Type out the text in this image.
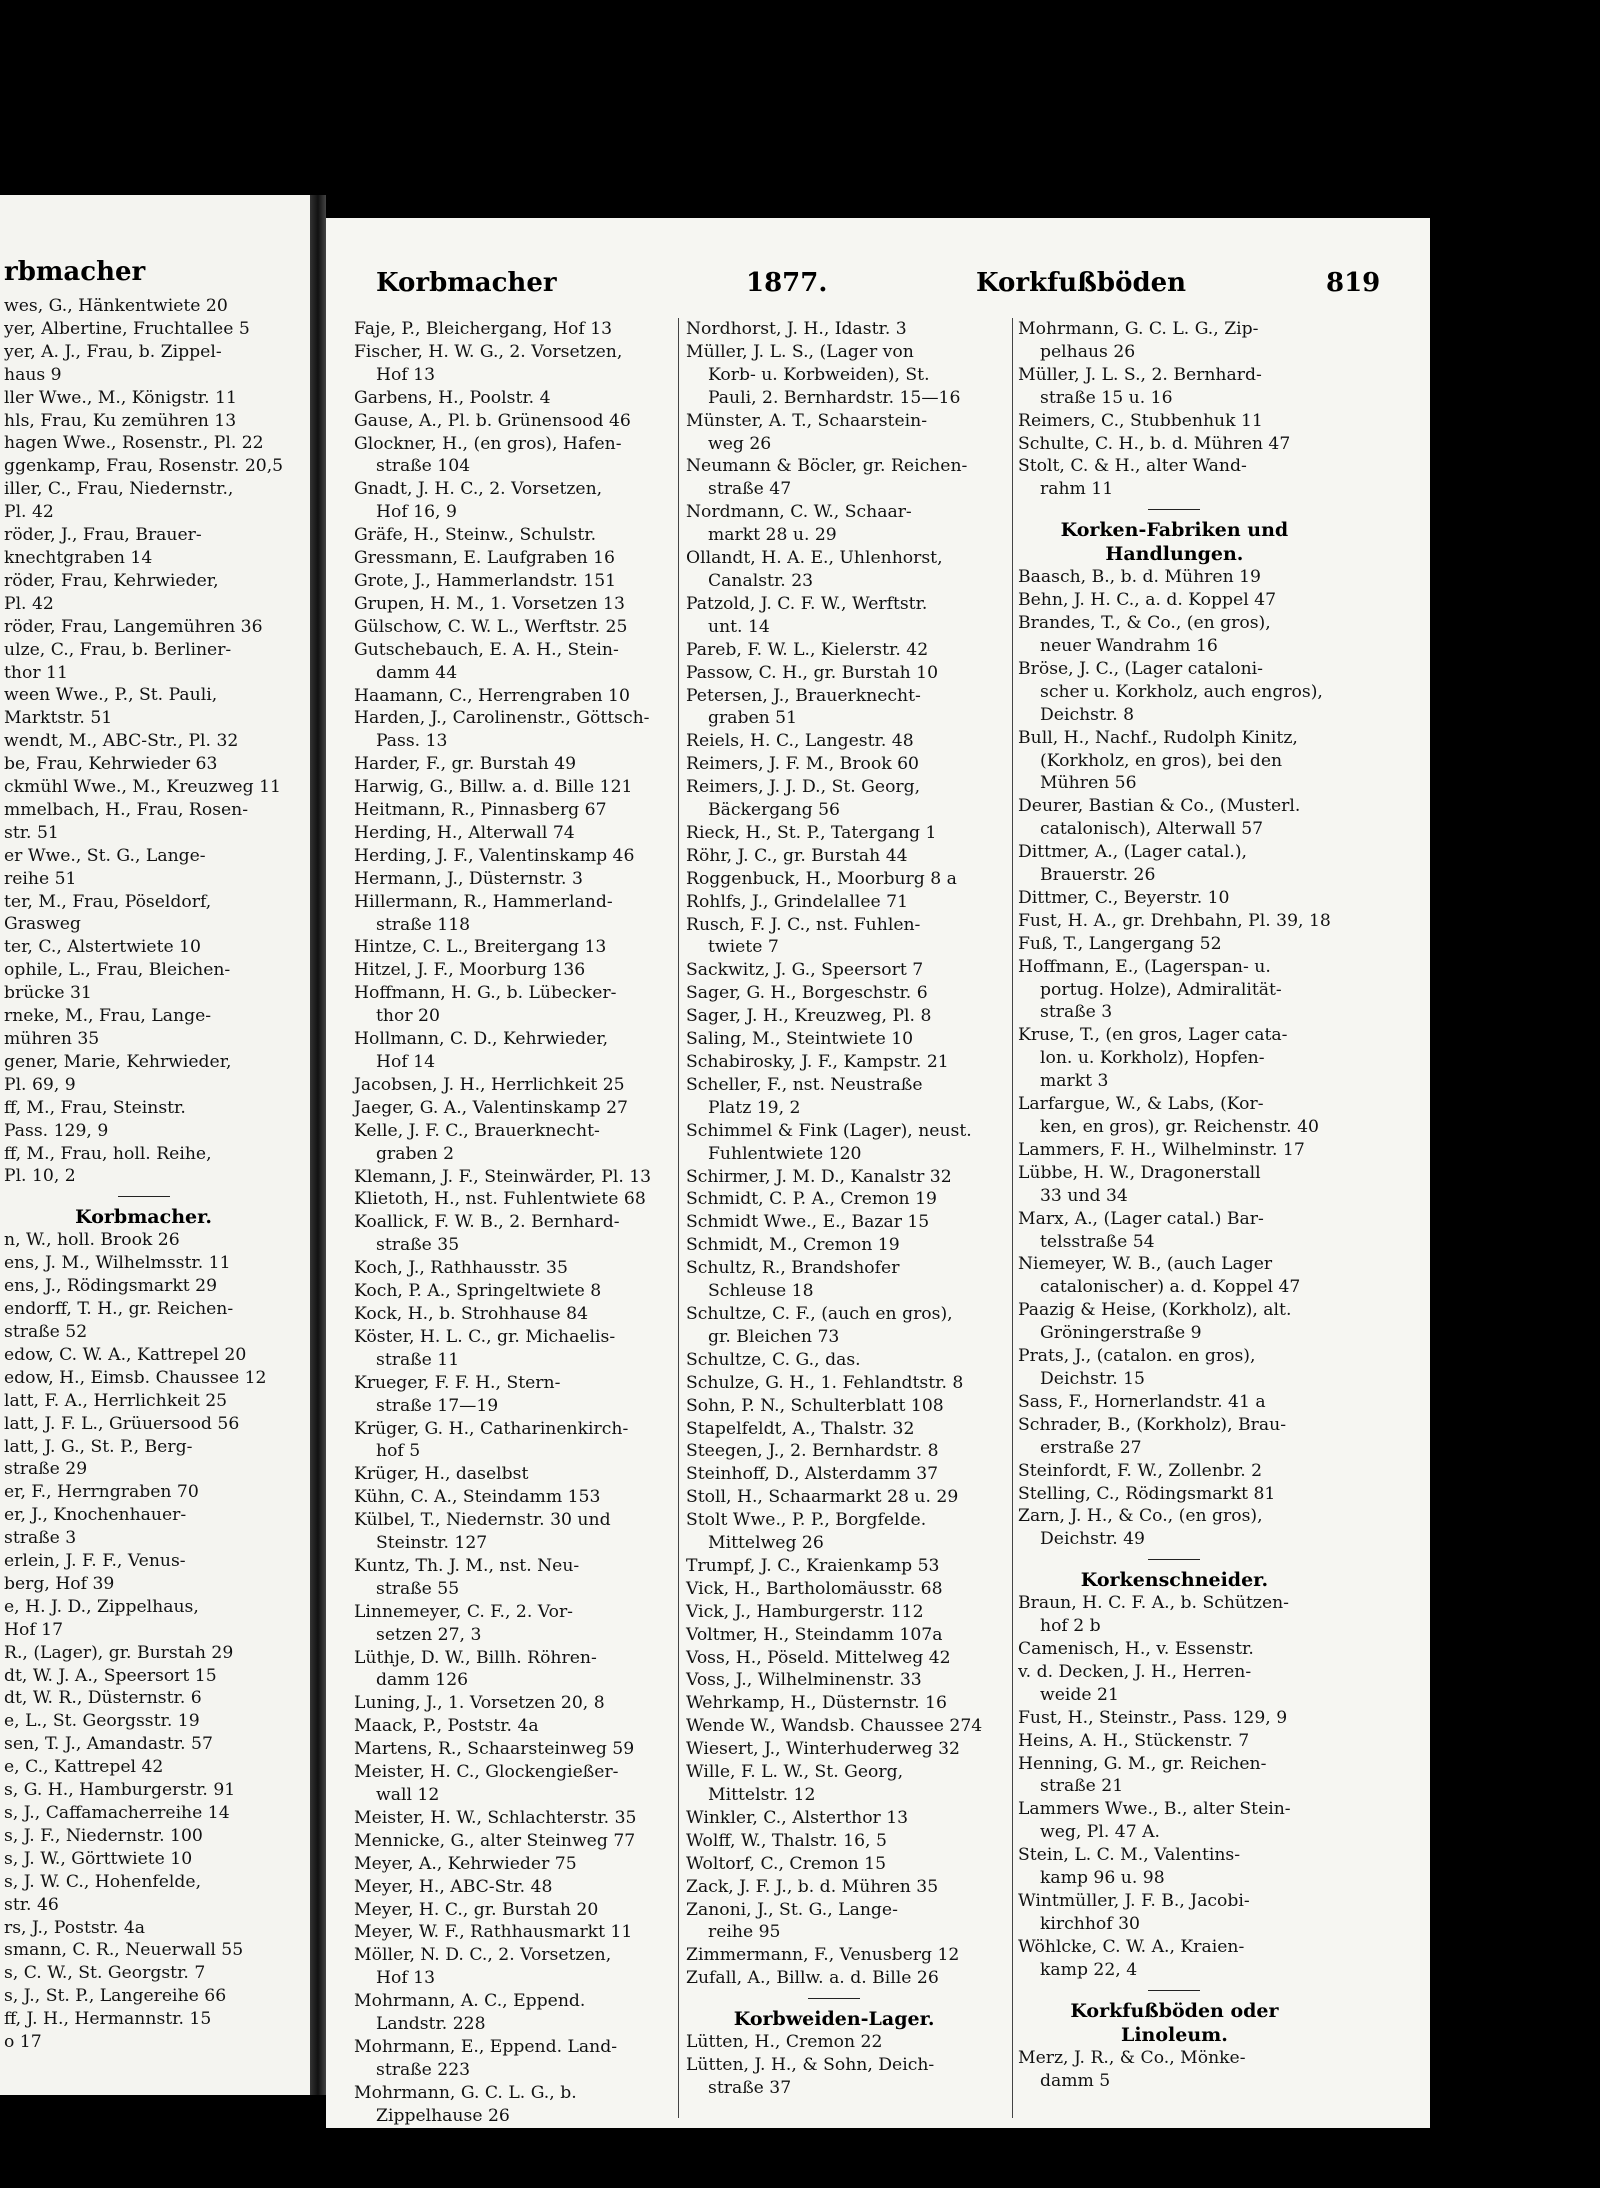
rbmacher
wes, G., Hänkentwiete 20
yer, Albertine, Fruchtallee 5
yer, A. J., Frau, b. Zippel-
haus 9
ller Wwe., M., Königstr. 11
hls, Frau, Ku zemühren 13
hagen Wwe., Rosenstr., Pl. 22
ggenkamp, Frau, Rosenstr. 20,5
iller, C., Frau, Niedernstr.,
Pl. 42
röder, J., Frau, Brauer-
knechtgraben 14
röder, Frau, Kehrwieder,
Pl. 42
röder, Frau, Langemühren 36
ulze, C., Frau, b. Berliner-
thor 11
ween Wwe., P., St. Pauli,
Marktstr. 51
wendt, M., ABC-Str., Pl. 32
be, Frau, Kehrwieder 63
ckmühl Wwe., M., Kreuzweg 11
mmelbach, H., Frau, Rosen-
str. 51
er Wwe., St. G., Lange-
reihe 51
ter, M., Frau, Pöseldorf,
Grasweg
ter, C., Alstertwiete 10
ophile, L., Frau, Bleichen-
brücke 31
rneke, M., Frau, Lange-
mühren 35
gener, Marie, Kehrwieder,
Pl. 69, 9
ff, M., Frau, Steinstr.
Pass. 129, 9
ff, M., Frau, holl. Reihe,
Pl. 10, 2
Korbmacher.
n, W., holl. Brook 26
ens, J. M., Wilhelmsstr. 11
ens, J., Rödingsmarkt 29
endorff, T. H., gr. Reichen-
straße 52
edow, C. W. A., Kattrepel 20
edow, H., Eimsb. Chaussee 12
latt, F. A., Herrlichkeit 25
latt, J. F. L., Grüuersood 56
latt, J. G., St. P., Berg-
straße 29
er, F., Herrngraben 70
er, J., Knochenhauer-
straße 3
erlein, J. F. F., Venus-
berg, Hof 39
e, H. J. D., Zippelhaus,
Hof 17
R., (Lager), gr. Burstah 29
dt, W. J. A., Speersort 15
dt, W. R., Düsternstr. 6
e, L., St. Georgsstr. 19
sen, T. J., Amandastr. 57
e, C., Kattrepel 42
s, G. H., Hamburgerstr. 91
s, J., Caffamacherreihe 14
s, J. F., Niedernstr. 100
s, J. W., Görttwiete 10
s, J. W. C., Hohenfelde,
str. 46
rs, J., Poststr. 4a
smann, C. R., Neuerwall 55
s, C. W., St. Georgstr. 7
s, J., St. P., Langereihe 66
ff, J. H., Hermannstr. 15
o 17
Korbmacher	1877.	Korkfußböden	819
Faje, P., Bleichergang, Hof 13
Fischer, H. W. G., 2. Vorsetzen,
Hof 13
Garbens, H., Poolstr. 4
Gause, A., Pl. b. Grünensood 46
Glockner, H., (en gros), Hafen-
straße 104
Gnadt, J. H. C., 2. Vorsetzen,
Hof 16, 9
Gräfe, H., Steinw., Schulstr.
Gressmann, E. Laufgraben 16
Grote, J., Hammerlandstr. 151
Grupen, H. M., 1. Vorsetzen 13
Gülschow, C. W. L., Werftstr. 25
Gutschebauch, E. A. H., Stein-
damm 44
Haamann, C., Herrengraben 10
Harden, J., Carolinenstr., Göttsch-
Pass. 13
Harder, F., gr. Burstah 49
Harwig, G., Billw. a. d. Bille 121
Heitmann, R., Pinnasberg 67
Herding, H., Alterwall 74
Herding, J. F., Valentinskamp 46
Hermann, J., Düsternstr. 3
Hillermann, R., Hammerland-
straße 118
Hintze, C. L., Breitergang 13
Hitzel, J. F., Moorburg 136
Hoffmann, H. G., b. Lübecker-
thor 20
Hollmann, C. D., Kehrwieder,
Hof 14
Jacobsen, J. H., Herrlichkeit 25
Jaeger, G. A., Valentinskamp 27
Kelle, J. F. C., Brauerknecht-
graben 2
Klemann, J. F., Steinwärder, Pl. 13
Klietoth, H., nst. Fuhlentwiete 68
Koallick, F. W. B., 2. Bernhard-
straße 35
Koch, J., Rathhausstr. 35
Koch, P. A., Springeltwiete 8
Kock, H., b. Strohhause 84
Köster, H. L. C., gr. Michaelis-
straße 11
Krueger, F. F. H., Stern-
straße 17—19
Krüger, G. H., Catharinenkirch-
hof 5
Krüger, H., daselbst
Kühn, C. A., Steindamm 153
Külbel, T., Niedernstr. 30 und
Steinstr. 127
Kuntz, Th. J. M., nst. Neu-
straße 55
Linnemeyer, C. F., 2. Vor-
setzen 27, 3
Lüthje, D. W., Billh. Röhren-
damm 126
Luning, J., 1. Vorsetzen 20, 8
Maack, P., Poststr. 4a
Martens, R., Schaarsteinweg 59
Meister, H. C., Glockengießer-
wall 12
Meister, H. W., Schlachterstr. 35
Mennicke, G., alter Steinweg 77
Meyer, A., Kehrwieder 75
Meyer, H., ABC-Str. 48
Meyer, H. C., gr. Burstah 20
Meyer, W. F., Rathhausmarkt 11
Möller, N. D. C., 2. Vorsetzen,
Hof 13
Mohrmann, A. C., Eppend.
Landstr. 228
Mohrmann, E., Eppend. Land-
straße 223
Mohrmann, G. C. L. G., b.
Zippelhause 26
Nordhorst, J. H., Idastr. 3
Müller, J. L. S., (Lager von
Korb- u. Korbweiden), St.
Pauli, 2. Bernhardstr. 15—16
Münster, A. T., Schaarstein-
weg 26
Neumann & Böcler, gr. Reichen-
straße 47
Nordmann, C. W., Schaar-
markt 28 u. 29
Ollandt, H. A. E., Uhlenhorst,
Canalstr. 23
Patzold, J. C. F. W., Werftstr.
unt. 14
Pareb, F. W. L., Kielerstr. 42
Passow, C. H., gr. Burstah 10
Petersen, J., Brauerknecht-
graben 51
Reiels, H. C., Langestr. 48
Reimers, J. F. M., Brook 60
Reimers, J. J. D., St. Georg,
Bäckergang 56
Rieck, H., St. P., Tatergang 1
Röhr, J. C., gr. Burstah 44
Roggenbuck, H., Moorburg 8 a
Rohlfs, J., Grindelallee 71
Rusch, F. J. C., nst. Fuhlen-
twiete 7
Sackwitz, J. G., Speersort 7
Sager, G. H., Borgeschstr. 6
Sager, J. H., Kreuzweg, Pl. 8
Saling, M., Steintwiete 10
Schabirosky, J. F., Kampstr. 21
Scheller, F., nst. Neustraße
Platz 19, 2
Schimmel & Fink (Lager), neust.
Fuhlentwiete 120
Schirmer, J. M. D., Kanalstr 32
Schmidt, C. P. A., Cremon 19
Schmidt Wwe., E., Bazar 15
Schmidt, M., Cremon 19
Schultz, R., Brandshofer
Schleuse 18
Schultze, C. F., (auch en gros),
gr. Bleichen 73
Schultze, C. G., das.
Schulze, G. H., 1. Fehlandtstr. 8
Sohn, P. N., Schulterblatt 108
Stapelfeldt, A., Thalstr. 32
Steegen, J., 2. Bernhardstr. 8
Steinhoff, D., Alsterdamm 37
Stoll, H., Schaarmarkt 28 u. 29
Stolt Wwe., P. P., Borgfelde.
Mittelweg 26
Trumpf, J. C., Kraienkamp 53
Vick, H., Bartholomäusstr. 68
Vick, J., Hamburgerstr. 112
Voltmer, H., Steindamm 107a
Voss, H., Pöseld. Mittelweg 42
Voss, J., Wilhelminenstr. 33
Wehrkamp, H., Düsternstr. 16
Wende W., Wandsb. Chaussee 274
Wiesert, J., Winterhuderweg 32
Wille, F. L. W., St. Georg,
Mittelstr. 12
Winkler, C., Alsterthor 13
Wolff, W., Thalstr. 16, 5
Woltorf, C., Cremon 15
Zack, J. F. J., b. d. Mühren 35
Zanoni, J., St. G., Lange-
reihe 95
Zimmermann, F., Venusberg 12
Zufall, A., Billw. a. d. Bille 26
Korbweiden-Lager.
Lütten, H., Cremon 22
Lütten, J. H., & Sohn, Deich-
straße 37
Mohrmann, G. C. L. G., Zip-
pelhaus 26
Müller, J. L. S., 2. Bernhard-
straße 15 u. 16
Reimers, C., Stubbenhuk 11
Schulte, C. H., b. d. Mühren 47
Stolt, C. & H., alter Wand-
rahm 11
Korken-Fabriken und
Handlungen.
Baasch, B., b. d. Mühren 19
Behn, J. H. C., a. d. Koppel 47
Brandes, T., & Co., (en gros),
neuer Wandrahm 16
Bröse, J. C., (Lager cataloni-
scher u. Korkholz, auch engros),
Deichstr. 8
Bull, H., Nachf., Rudolph Kinitz,
(Korkholz, en gros), bei den
Mühren 56
Deurer, Bastian & Co., (Musterl.
catalonisch), Alterwall 57
Dittmer, A., (Lager catal.),
Brauerstr. 26
Dittmer, C., Beyerstr. 10
Fust, H. A., gr. Drehbahn, Pl. 39, 18
Fuß, T., Langergang 52
Hoffmann, E., (Lagerspan- u.
portug. Holze), Admiralität-
straße 3
Kruse, T., (en gros, Lager cata-
lon. u. Korkholz), Hopfen-
markt 3
Larfargue, W., & Labs, (Kor-
ken, en gros), gr. Reichenstr. 40
Lammers, F. H., Wilhelminstr. 17
Lübbe, H. W., Dragonerstall
33 und 34
Marx, A., (Lager catal.) Bar-
telsstraße 54
Niemeyer, W. B., (auch Lager
catalonischer) a. d. Koppel 47
Paazig & Heise, (Korkholz), alt.
Gröningerstraße 9
Prats, J., (catalon. en gros),
Deichstr. 15
Sass, F., Hornerlandstr. 41 a
Schrader, B., (Korkholz), Brau-
erstraße 27
Steinfordt, F. W., Zollenbr. 2
Stelling, C., Rödingsmarkt 81
Zarn, J. H., & Co., (en gros),
Deichstr. 49
Korkenschneider.
Braun, H. C. F. A., b. Schützen-
hof 2 b
Camenisch, H., v. Essenstr.
v. d. Decken, J. H., Herren-
weide 21
Fust, H., Steinstr., Pass. 129, 9
Heins, A. H., Stückenstr. 7
Henning, G. M., gr. Reichen-
straße 21
Lammers Wwe., B., alter Stein-
weg, Pl. 47 A.
Stein, L. C. M., Valentins-
kamp 96 u. 98
Wintmüller, J. F. B., Jacobi-
kirchhof 30
Wöhlcke, C. W. A., Kraien-
kamp 22, 4
Korkfußböden oder
Linoleum.
Merz, J. R., & Co., Mönke-
damm 5
35*
